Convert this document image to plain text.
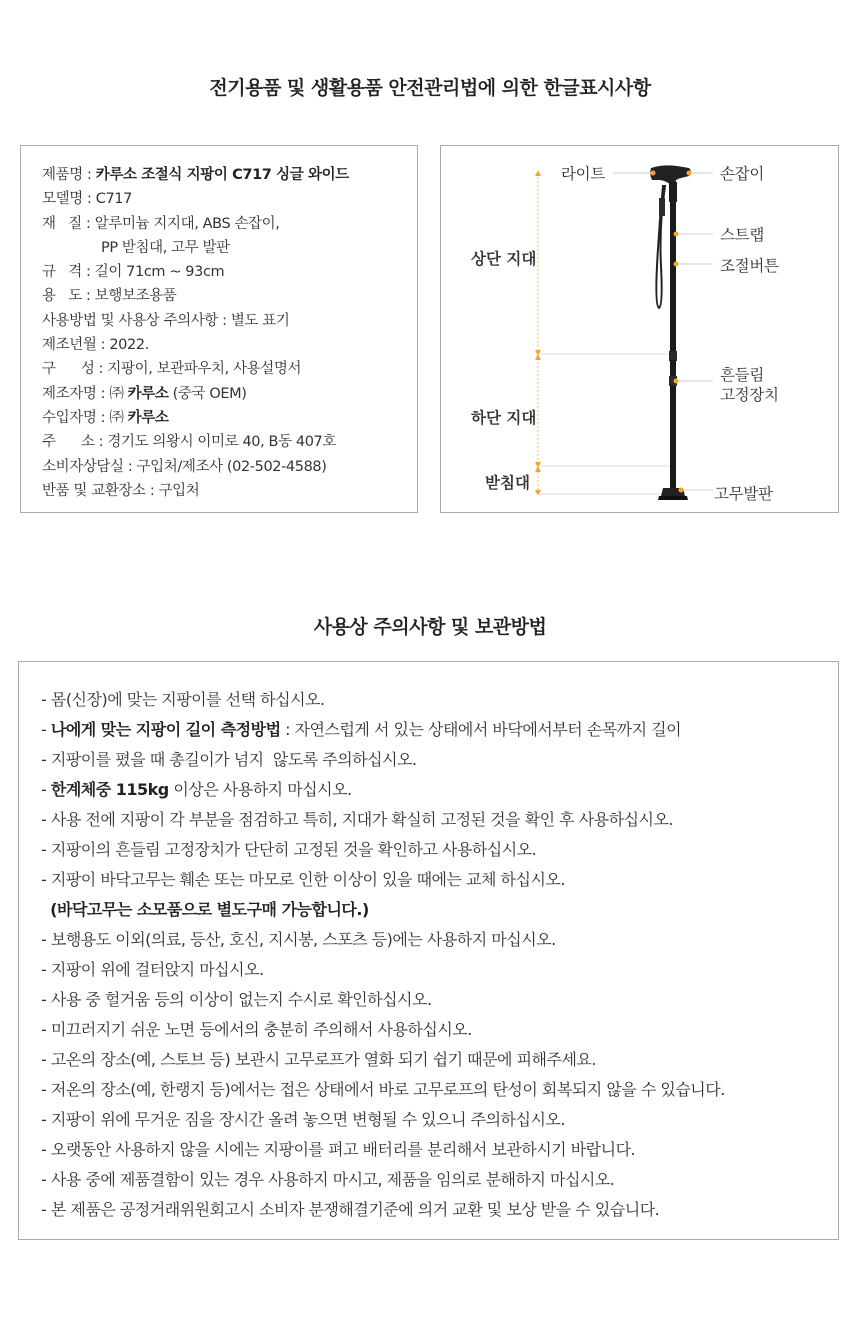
전기용품 및 생활용품 안전관리법에 의한 한글표시사항
제품명 : 카루소 조절식 지팡이 C717 싱글 와이드
모델명 : C717
재   질 : 알루미늄 지지대, ABS 손잡이,
PP 받침대, 고무 발판
규   격 : 길이 71cm ~ 93cm
용   도 : 보행보조용품
사용방법 및 사용상 주의사항 : 별도 표기
제조년월 : 2022.
구      성 : 지팡이, 보관파우치, 사용설명서
제조자명 : ㈜ 카루소 (중국 OEM)
수입자명 : ㈜ 카루소
주      소 : 경기도 의왕시 이미로 40, B동 407호
소비자상담실 : 구입처/제조사 (02-502-4588)
반품 및 교환장소 : 구입처
라이트	손잡이
스트랩
조절버튼
흔들림
고정장치
고무발판
상단 지대
하단 지대
받침대
사용상 주의사항 및 보관방법
- 몸(신장)에 맞는 지팡이를 선택 하십시오.
- 나에게 맞는 지팡이 길이 측정방법 : 자연스럽게 서 있는 상태에서 바닥에서부터 손목까지 길이
- 지팡이를 폈을 때 총길이가 넘지  않도록 주의하십시오.
- 한계체중 115kg 이상은 사용하지 마십시오.
- 사용 전에 지팡이 각 부분을 점검하고 특히, 지대가 확실히 고정된 것을 확인 후 사용하십시오.
- 지팡이의 흔들림 고정장치가 단단히 고정된 것을 확인하고 사용하십시오.
- 지팡이 바닥고무는 훼손 또는 마모로 인한 이상이 있을 때에는 교체 하십시오.
(바닥고무는 소모품으로 별도구매 가능합니다.)
- 보행용도 이외(의료, 등산, 호신, 지시봉, 스포츠 등)에는 사용하지 마십시오.
- 지팡이 위에 걸터앉지 마십시오.
- 사용 중 헐거움 등의 이상이 없는지 수시로 확인하십시오.
- 미끄러지기 쉬운 노면 등에서의 충분히 주의해서 사용하십시오.
- 고온의 장소(예, 스토브 등) 보관시 고무로프가 열화 되기 쉽기 때문에 피해주세요.
- 저온의 장소(예, 한랭지 등)에서는 접은 상태에서 바로 고무로프의 탄성이 회복되지 않을 수 있습니다.
- 지팡이 위에 무거운 짐을 장시간 올려 놓으면 변형될 수 있으니 주의하십시오.
- 오랫동안 사용하지 않을 시에는 지팡이를 펴고 배터리를 분리해서 보관하시기 바랍니다.
- 사용 중에 제품결함이 있는 경우 사용하지 마시고, 제품을 임의로 분해하지 마십시오.
- 본 제품은 공정거래위원회고시 소비자 분쟁해결기준에 의거 교환 및 보상 받을 수 있습니다.
